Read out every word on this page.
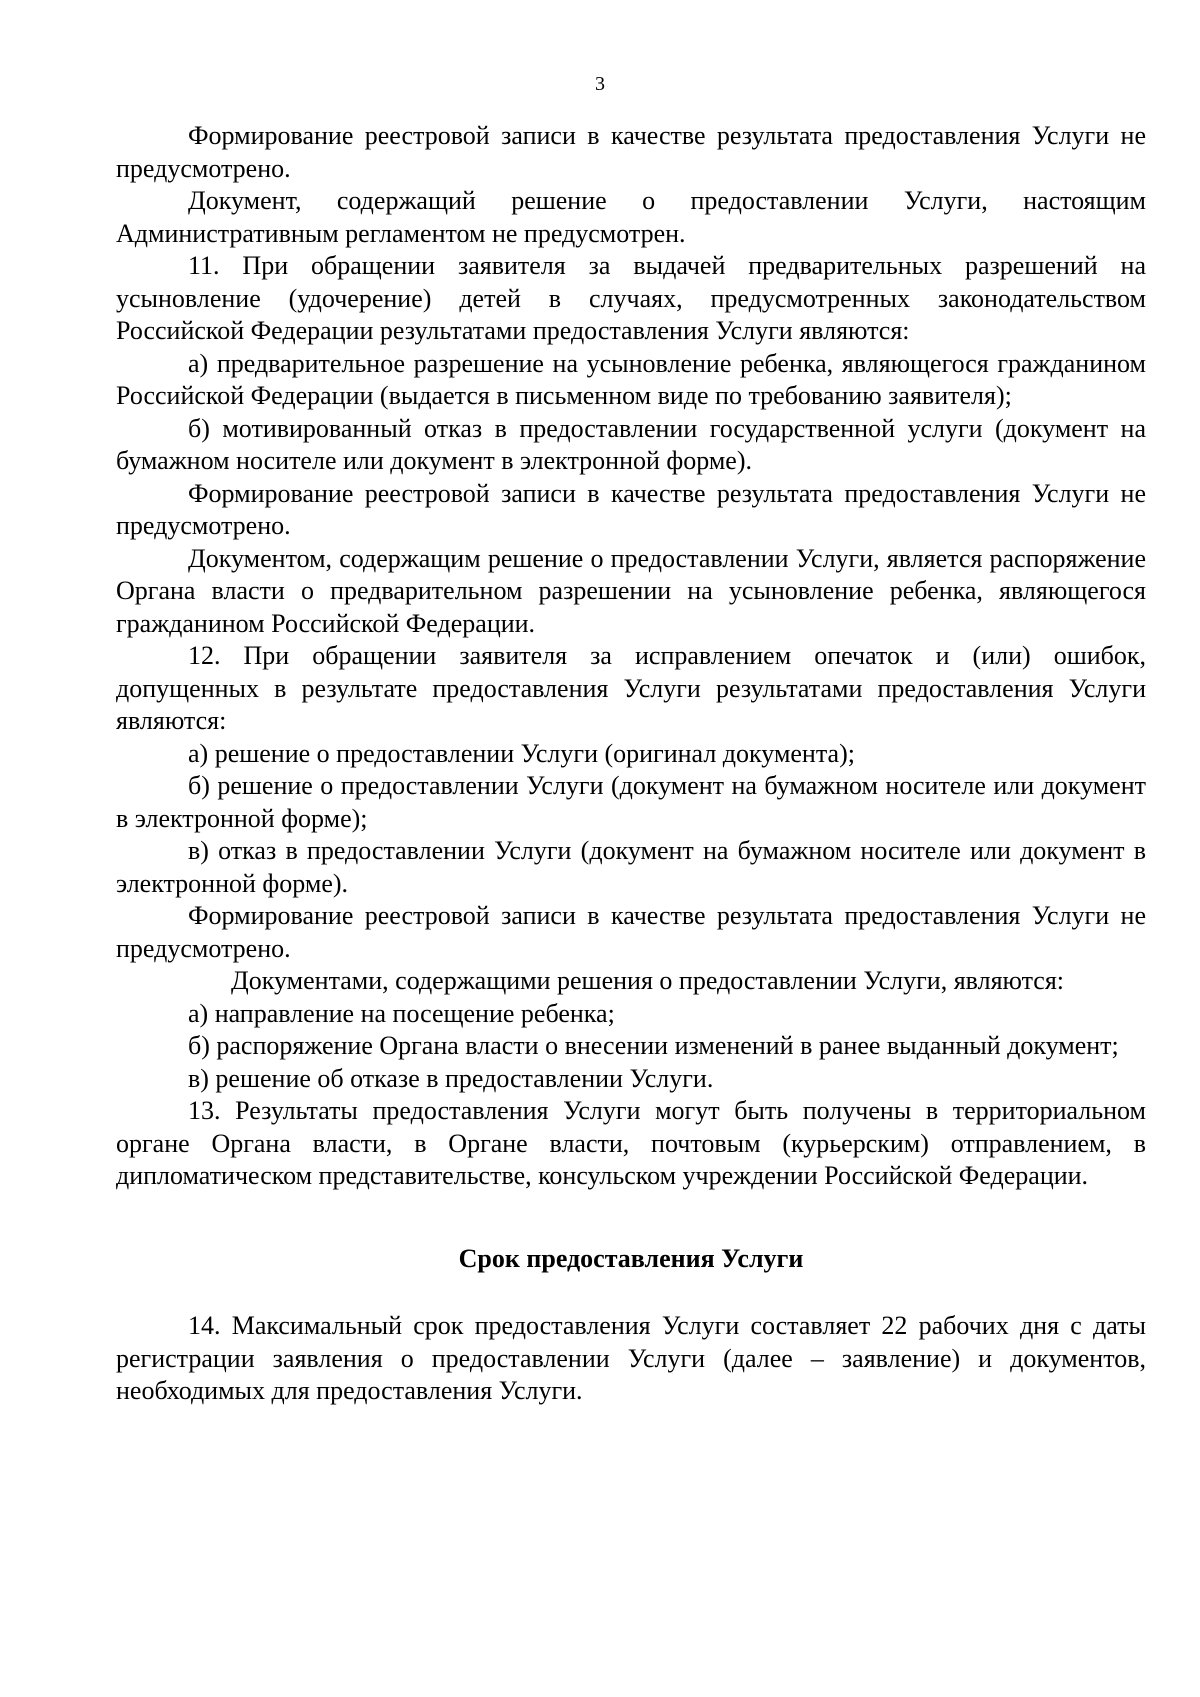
3

Формирование реестровой записи в качестве результата предоставления Услуги не предусмотрено.

Документ, содержащий решение о предоставлении Услуги, настоящим Административным регламентом не предусмотрен.

11. При обращении заявителя за выдачей предварительных разрешений на усыновление (удочерение) детей в случаях, предусмотренных законодательством Российской Федерации результатами предоставления Услуги являются:

а) предварительное разрешение на усыновление ребенка, являющегося гражданином Российской Федерации (выдается в письменном виде по требованию заявителя);

б) мотивированный отказ в предоставлении государственной услуги (документ на бумажном носителе или документ в электронной форме).

Формирование реестровой записи в качестве результата предоставления Услуги не предусмотрено.

Документом, содержащим решение о предоставлении Услуги, является распоряжение Органа власти о предварительном разрешении на усыновление ребенка, являющегося гражданином Российской Федерации.

12. При обращении заявителя за исправлением опечаток и (или) ошибок, допущенных в результате предоставления Услуги результатами предоставления Услуги являются:

а) решение о предоставлении Услуги (оригинал документа);

б) решение о предоставлении Услуги (документ на бумажном носителе или документ в электронной форме);

в) отказ в предоставлении Услуги (документ на бумажном носителе или документ в электронной форме).

Формирование реестровой записи в качестве результата предоставления Услуги не предусмотрено.

Документами, содержащими решения о предоставлении Услуги, являются:

а) направление на посещение ребенка;

б) распоряжение Органа власти о внесении изменений в ранее выданный документ;

в) решение об отказе в предоставлении Услуги.

13. Результаты предоставления Услуги могут быть получены в территориальном органе Органа власти, в Органе власти, почтовым (курьерским) отправлением, в дипломатическом представительстве, консульском учреждении Российской Федерации.

Срок предоставления Услуги

14. Максимальный срок предоставления Услуги составляет 22 рабочих дня с даты регистрации заявления о предоставлении Услуги (далее – заявление) и документов, необходимых для предоставления Услуги.
